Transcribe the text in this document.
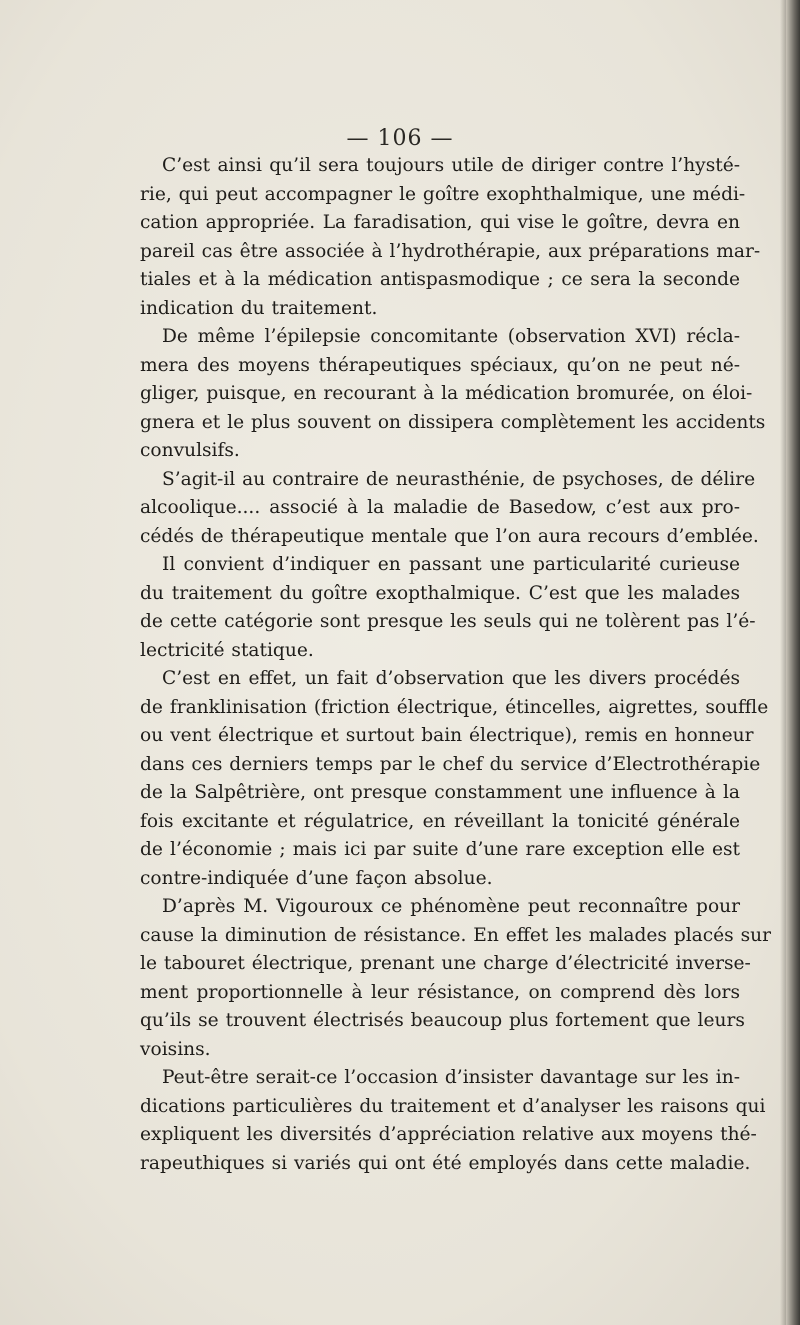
— 106 —
C’est ainsi qu’il sera toujours utile de diriger contre l’hysté-
rie, qui peut accompagner le goître exophthalmique, une médi-
cation appropriée. La faradisation, qui vise le goître, devra en
pareil cas être associée à l’hydrothérapie, aux préparations mar-
tiales et à la médication antispasmodique ; ce sera la seconde
indication du traitement.
De même l’épilepsie concomitante (observation XVI) récla-
mera des moyens thérapeutiques spéciaux, qu’on ne peut né-
gliger, puisque, en recourant à la médication bromurée, on éloi-
gnera et le plus souvent on dissipera complètement les accidents
convulsifs.
S’agit-il au contraire de neurasthénie, de psychoses, de délire
alcoolique.... associé à la maladie de Basedow, c’est aux pro-
cédés de thérapeutique mentale que l’on aura recours d’emblée.
Il convient d’indiquer en passant une particularité curieuse
du traitement du goître exopthalmique. C’est que les malades
de cette catégorie sont presque les seuls qui ne tolèrent pas l’é-
lectricité statique.
C’est en effet, un fait d’observation que les divers procédés
de franklinisation (friction électrique, étincelles, aigrettes, souffle
ou vent électrique et surtout bain électrique), remis en honneur
dans ces derniers temps par le chef du service d’Electrothérapie
de la Salpêtrière, ont presque constamment une influence à la
fois excitante et régulatrice, en réveillant la tonicité générale
de l’économie ; mais ici par suite d’une rare exception elle est
contre-indiquée d’une façon absolue.
D’après M. Vigouroux ce phénomène peut reconnaître pour
cause la diminution de résistance. En effet les malades placés sur
le tabouret électrique, prenant une charge d’électricité inverse-
ment proportionnelle à leur résistance, on comprend dès lors
qu’ils se trouvent électrisés beaucoup plus fortement que leurs
voisins.
Peut-être serait-ce l’occasion d’insister davantage sur les in-
dications particulières du traitement et d’analyser les raisons qui
expliquent les diversités d’appréciation relative aux moyens thé-
rapeuthiques si variés qui ont été employés dans cette maladie.
